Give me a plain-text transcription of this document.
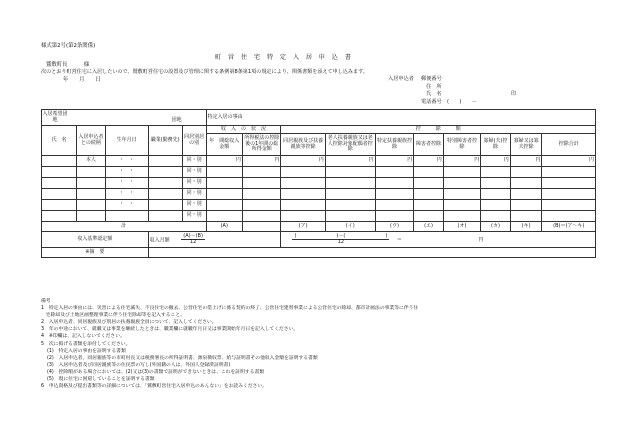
様式第2号(第2条関係)
町　営　住　宅　特　定　入　居　申　込　書
鷲敷町長　　　様
次のとおり町営住宅に入居したいので、鷲敷町営住宅の設置及び管理に関する条例第8条第1項の規定により、関係書類を添えて申し込みます。
年　　月　　日	入居申込者 郵便番号
住　所
氏　名	印
電話番号　(　　)　　－
入居希望団地 団地					特定入居の事由									
氏　名	入居申込者との続柄	生年月日	職業(勤務先)	同居別居の別	収　入　の　状　況		控　　　除　　　額							
					年　間総収入金額	所得税法の控除後の1年間の総所得金額	同居親族及び扶養親族等控除	老人扶養親族又は老人控除対象配偶者控除	特定扶養親族控除	障害者控除	特別障害者控除	寡婦(夫)控除	寡婦又は寡夫控除	控除合計
	本人	・　・		同・別	円	円	円	円	円	円	円	円	円	円
		・　・		同・別										
		・　・		同・別										
		・　・		同・別										
		・　・		同・別										
				同・別										
計					(A)		(ア)	(イ)	(ウ)	(エ)	(オ)	(カ)	(キ)	(B)＝(ア～キ)
収入基準認定額			収入月額 $\frac{(A)-(B)}{12}$				$\frac{( )-( )}{12}$ ＝ 円							
※摘　要														
備考
1　特定入居の事由には、災害による住宅滅失、不良住宅の撤去、公営住宅の借上げに係る契約の終了、公営住宅建替事業による公営住宅の除却、都市計画法の事業等に伴う住
　宅除却及び土地区画整理事業に伴う住宅除却等を記入すること。
2　入居申込者、同居親族及び別居の扶養親族全員について、記入してください。
3　年の中途において、就職又は事業を継続したときは、職業欄に就職年月日又は事業開始年月日を記入してください。
4　※印欄は、記入しないでください。
5　次に掲げる書類を添付してください。
(1)　特定入居の事由を証明する書類
(2)　入居申込者、同居親族等の市町村長又は税務署長の所得証明書、源泉徴収票、給与証明書その他収入金額を証明する書類
(3)　入居申込者及び同居親族等の住民票の写し(外国籍の人は、外国人登録済証明書)
(4)　控除額がある場合においては、(2)又は(3)の書類で証明ができないときは、これを証明する書類
(5)　現に住宅に困窮していることを証明する書類
6　申込資格及び提出書類等の詳細については、「鷲敷町営住宅入居申込のあんない」をお読みください。
